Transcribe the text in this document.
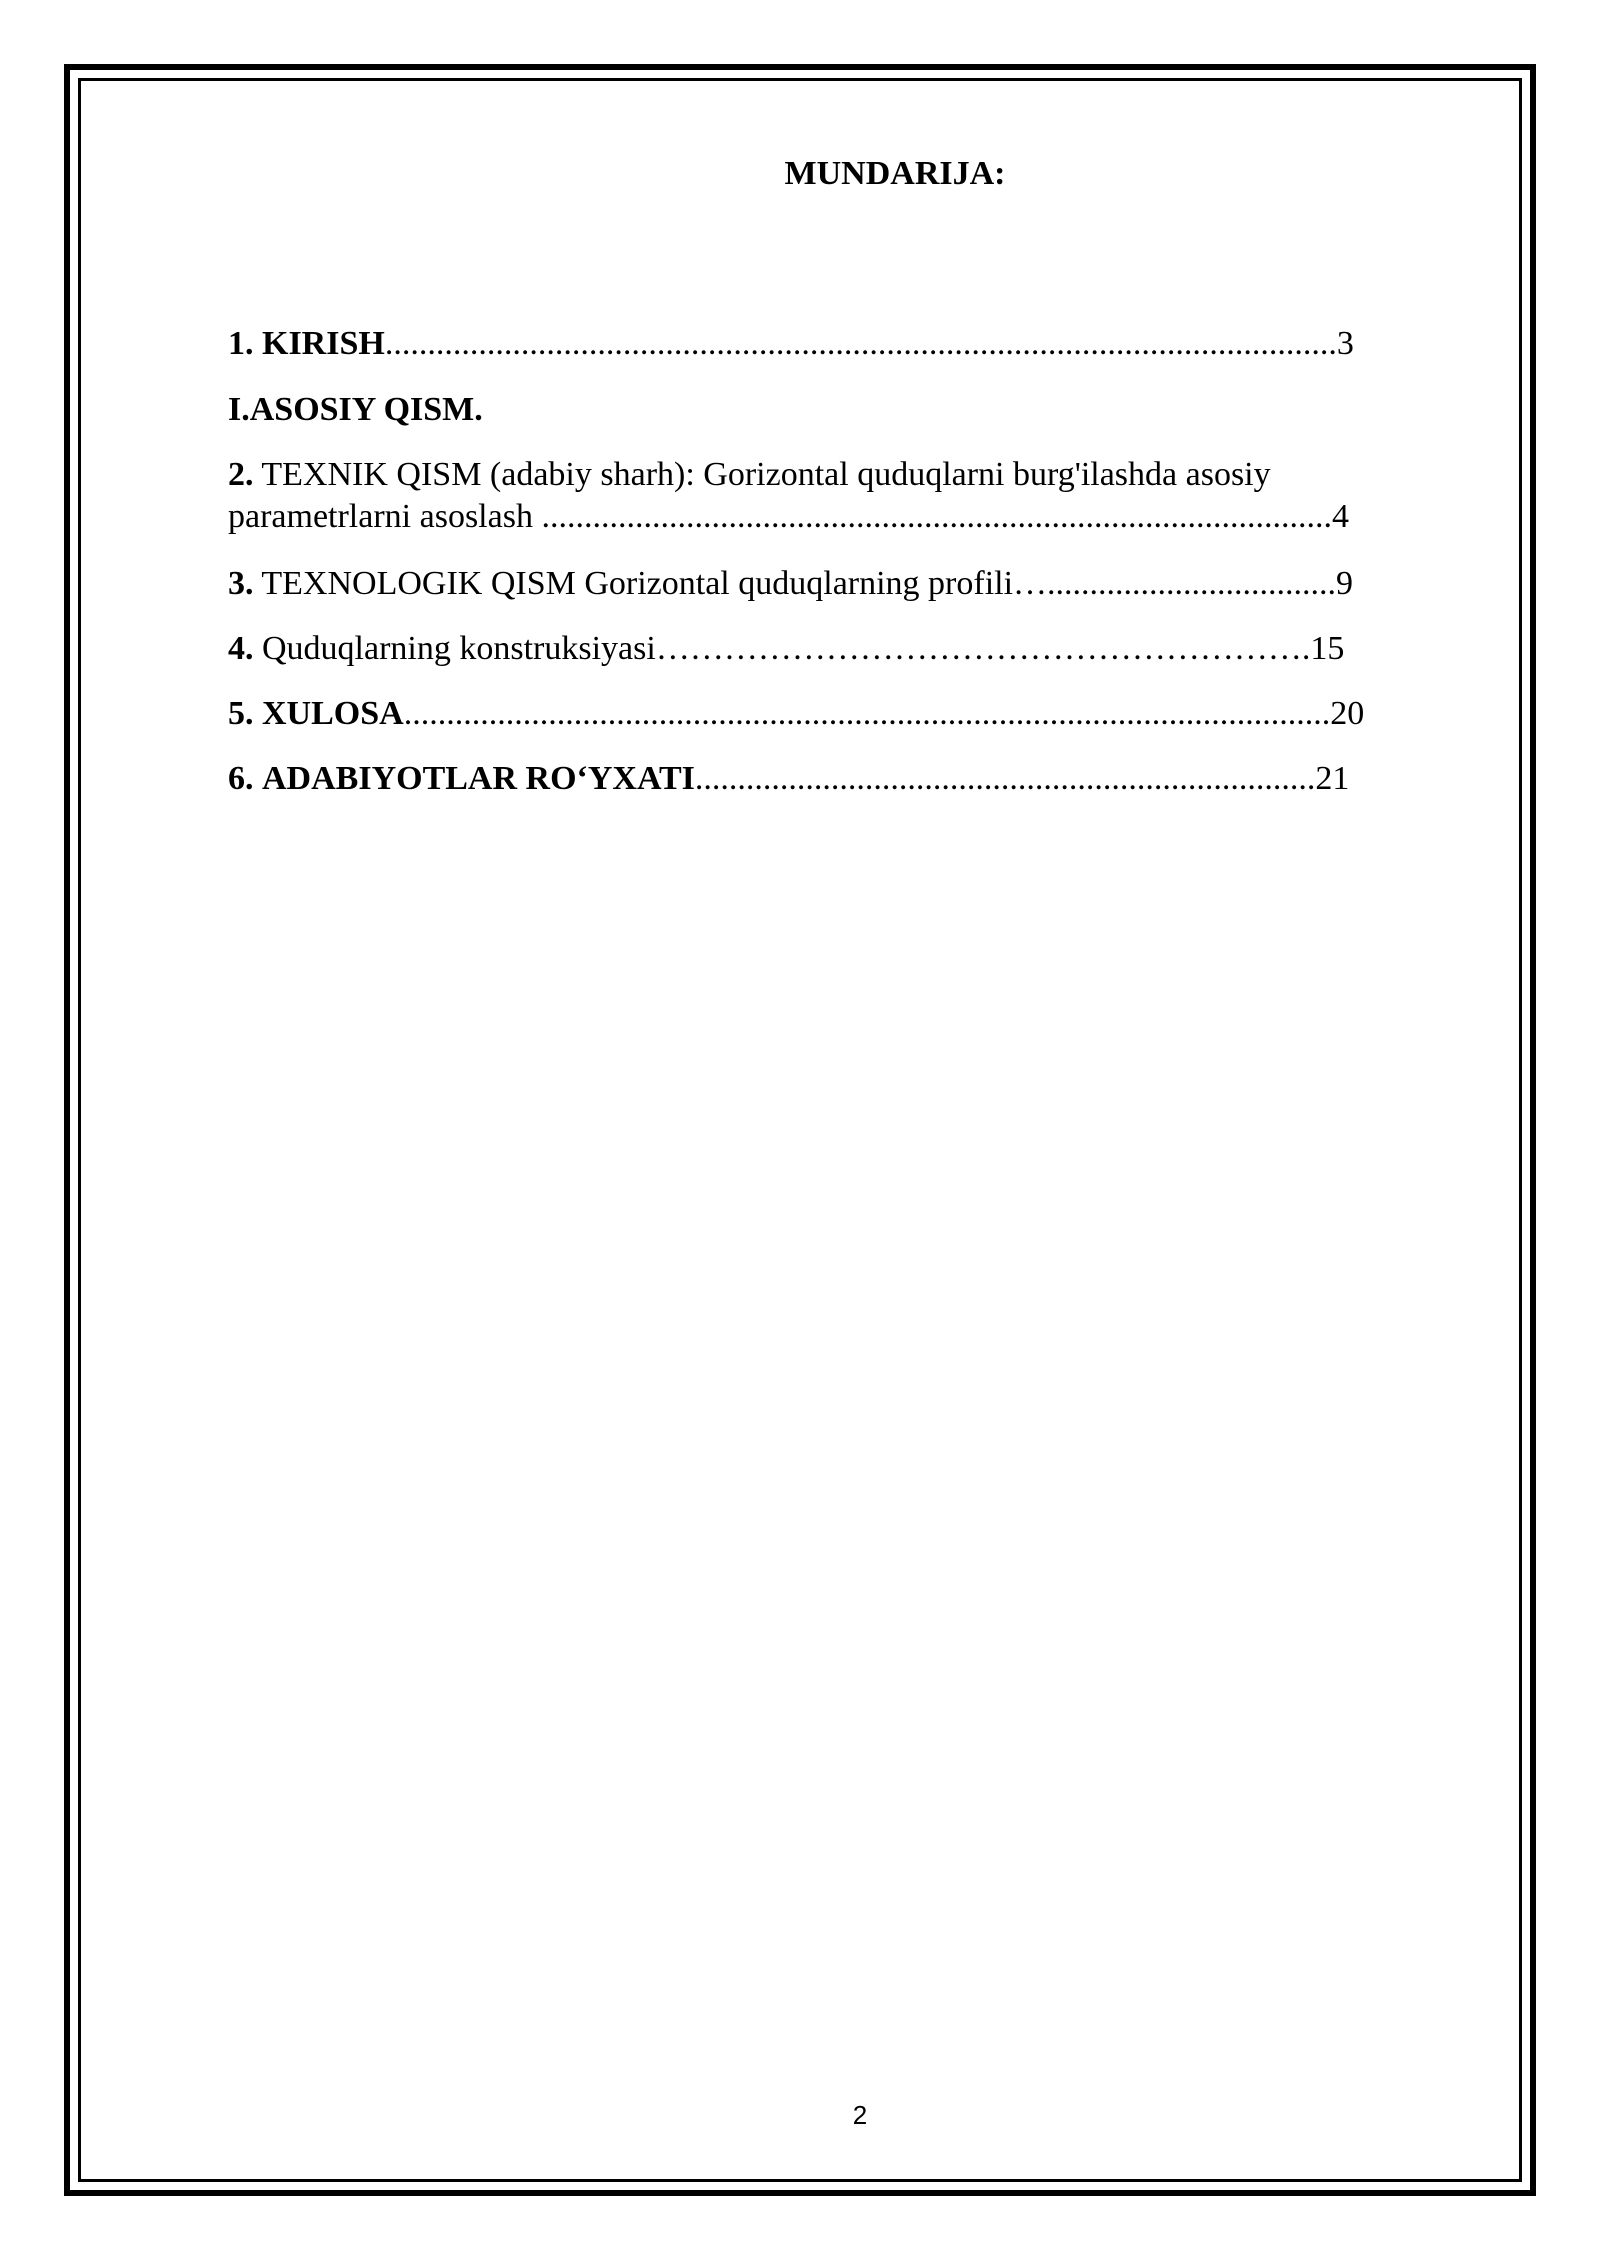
MUNDARIJA:

1. KIRISH................................................................................................................3

I.ASOSIY QISM.

2. TEXNIK QISM (adabiy sharh): Gorizontal quduqlarni burg'ilashda asosiy

parametrlarni asoslash .............................................................................................4

3. TEXNOLOGIK QISM Gorizontal quduqlarning profili…..................................9

4. Quduqlarning konstruksiyasi………………………………………………….15

5. XULOSA.............................................................................................................20

6. ADABIYOTLAR RO‘YXATI.........................................................................21

2
